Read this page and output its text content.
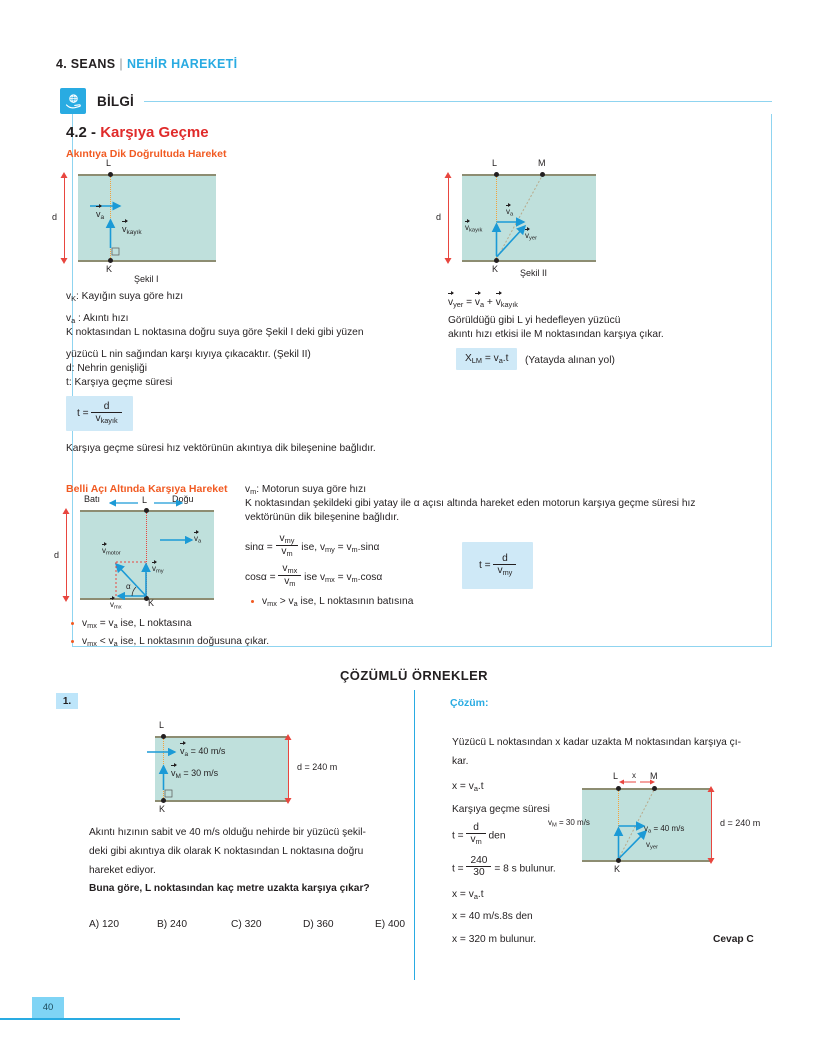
4. SEANS | NEHİR HAREKETİ
BİLGİ
4.2 - Karşıya Geçme
Akıntıya Dik Doğrultuda Hareket
L
K
$v_a$
$v_{kayık}$
Şekil I
d
L	M
K
$v_{kayık}$
$v_a$
$v_{yer}$
Şekil II
d
$v_K$: Kayığın suya göre hızı
$v_a$ : Akıntı hızı
K noktasından L noktasına doğru suya göre Şekil I deki gibi yüzen
yüzücü L nin sağından karşı kıyıya çıkacaktır. (Şekil II)
d: Nehrin genişliği
t: Karşıya geçme süresi
$t = \frac{d}{v_{kayık}}$
Karşıya geçme süresi hız vektörünün akıntıya dik bileşenine bağlıdır.
$v_{yer} = v_a + v_{kayık}$
Görüldüğü gibi L yi hedefleyen yüzücü
akıntı hızı etkisi ile M noktasından karşıya çıkar.
$X_{LM} = v_a.t$	(Yatayda alınan yol)
Belli Açı Altında Karşıya Hareket
L
K
α
$v_{motor}$
$v_a$
$v_{my}$
$v_{mx}$
Batı	Doğu
d
$v_m$: Motorun suya göre hızı
K noktasından şekildeki gibi yatay ile α açısı altında hareket eden motorun karşıya geçme süresi hız
vektörünün dik bileşenine bağlıdır.
$\sin\alpha = \frac{v_{my}}{v_m}$ ise, $v_{my} = v_m.\sin\alpha$
$\cos\alpha = \frac{v_{mx}}{v_m}$ ise $v_{mx} = v_m.\cos\alpha$
$t = \frac{d}{v_{my}}$
$v_{mx} > v_a$ ise, L noktasının batısına
$v_{mx} = v_a$ ise, L noktasına
$v_{mx} < v_a$ ise, L noktasının doğusuna çıkar.
ÇÖZÜMLÜ ÖRNEKLER
1.	Çözüm:
L
K
$v_a = 40$ m/s
$v_M = 30$ m/s
d = 240 m
Akıntı hızının sabit ve 40 m/s olduğu nehirde bir yüzücü şekil-
deki gibi akıntıya dik olarak K noktasından L noktasına doğru
hareket ediyor.
Buna göre, L noktasından kaç metre uzakta karşıya çıkar?
A) 120	B) 240	C) 320	D) 360	E) 400
Yüzücü L noktasından x kadar uzakta M noktasından karşıya çı-
kar.
$x = v_a.t$
Karşıya geçme süresi
$t = \frac{d}{v_m}$ den
$t = \frac{240}{30} = 8$ s bulunur.
$x = v_a.t$
x = 40 m/s.8s den
x = 320 m bulunur.	Cevap C
L	M
K
x
$v_M = 30$ m/s
$v_a = 40$ m/s
$v_{yer}$
d = 240 m
40
